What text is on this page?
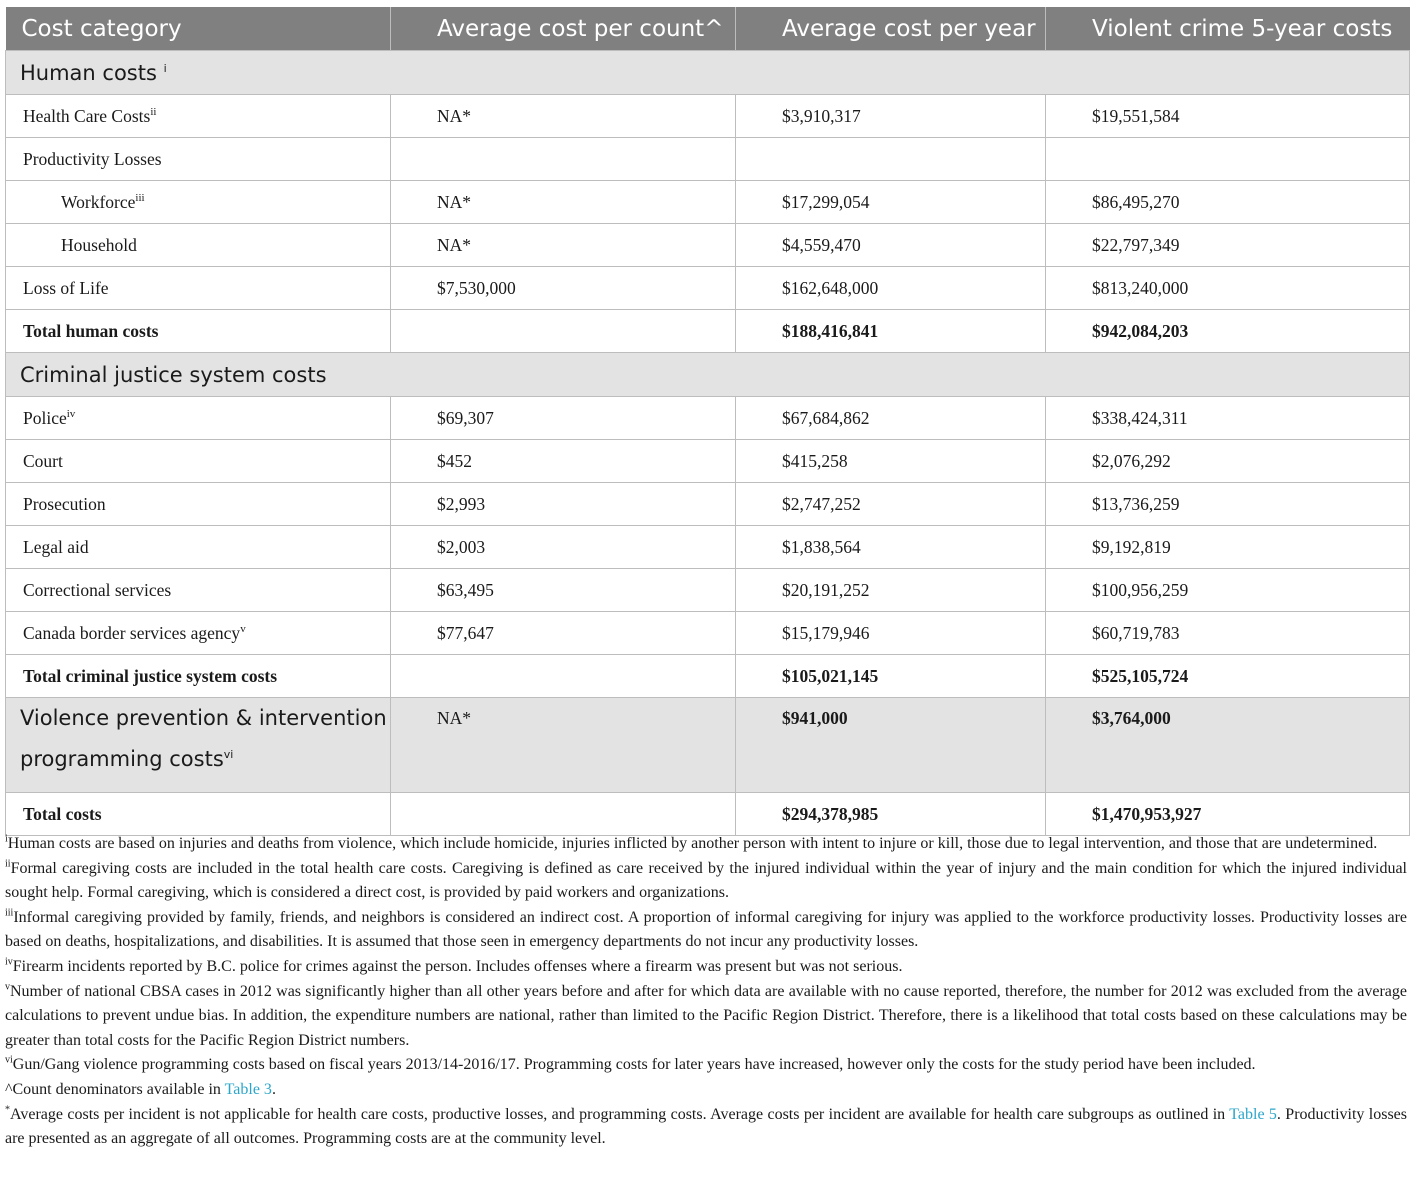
Cost category	Average cost per count^	Average cost per year	Violent crime 5-year costs
Human costs $^i$
Health Care Costs$^{ii}$	NA*	$3,910,317	$19,551,584
Productivity Losses			
Workforce$^{iii}$	NA*	$17,299,054	$86,495,270
Household	NA*	$4,559,470	$22,797,349
Loss of Life	$7,530,000	$162,648,000	$813,240,000
Total human costs		$188,416,841	$942,084,203
Criminal justice system costs			
Police$^{iv}$	$69,307	$67,684,862	$338,424,311
Court	$452	$415,258	$2,076,292
Prosecution	$2,993	$2,747,252	$13,736,259
Legal aid	$2,003	$1,838,564	$9,192,819
Correctional services	$63,495	$20,191,252	$100,956,259
Canada border services agency$^v$	$77,647	$15,179,946	$60,719,783
Total criminal justice system costs		$105,021,145	$525,105,724
Violence prevention & intervention programming costs$^{vi}$	NA*	$941,000	$3,764,000
Total costs		$294,378,985	$1,470,953,927

$^i$Human costs are based on injuries and deaths from violence, which include homicide, injuries inflicted by another person with intent to injure or kill, those due to legal intervention, and those that are undetermined.

$^{ii}$Formal caregiving costs are included in the total health care costs. Caregiving is defined as care received by the injured individual within the year of injury and the main condition for which the injured individual sought help. Formal caregiving, which is considered a direct cost, is provided by paid workers and organizations.

$^{iii}$Informal caregiving provided by family, friends, and neighbors is considered an indirect cost. A proportion of informal caregiving for injury was applied to the workforce productivity losses. Productivity losses are based on deaths, hospitalizations, and disabilities. It is assumed that those seen in emergency departments do not incur any productivity losses.

$^{iv}$Firearm incidents reported by B.C. police for crimes against the person. Includes offenses where a firearm was present but was not serious.

$^v$Number of national CBSA cases in 2012 was significantly higher than all other years before and after for which data are available with no cause reported, therefore, the number for 2012 was excluded from the average calculations to prevent undue bias. In addition, the expenditure numbers are national, rather than limited to the Pacific Region District. Therefore, there is a likelihood that total costs based on these calculations may be greater than total costs for the Pacific Region District numbers.

$^{vi}$Gun/Gang violence programming costs based on fiscal years 2013/14-2016/17. Programming costs for later years have increased, however only the costs for the study period have been included.

^Count denominators available in Table 3.

*Average costs per incident is not applicable for health care costs, productive losses, and programming costs. Average costs per incident are available for health care subgroups as outlined in Table 5. Productivity losses are presented as an aggregate of all outcomes. Programming costs are at the community level.
